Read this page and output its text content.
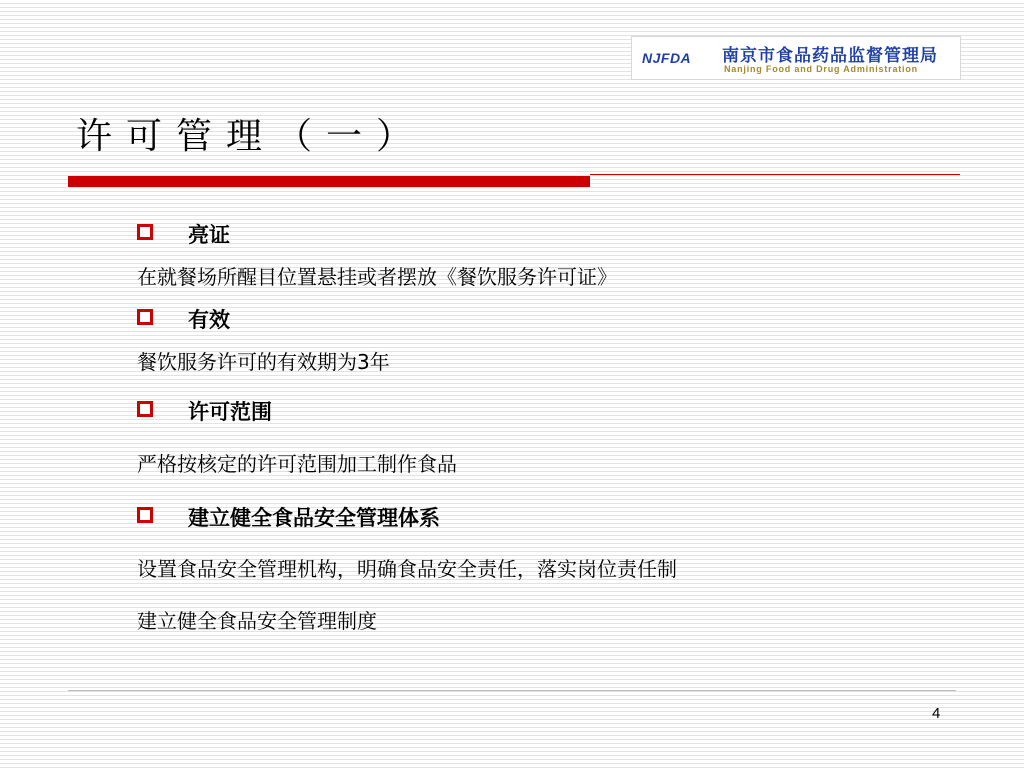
NJFDA 南京市食品药品监督管理局
Nanjing Food and Drug Administration
许可管理（一）
亮证
在就餐场所醒目位置悬挂或者摆放《餐饮服务许可证》
有效
餐饮服务许可的有效期为3年
许可范围
严格按核定的许可范围加工制作食品
建立健全食品安全管理体系
设置食品安全管理机构，明确食品安全责任，落实岗位责任制
建立健全食品安全管理制度
4
